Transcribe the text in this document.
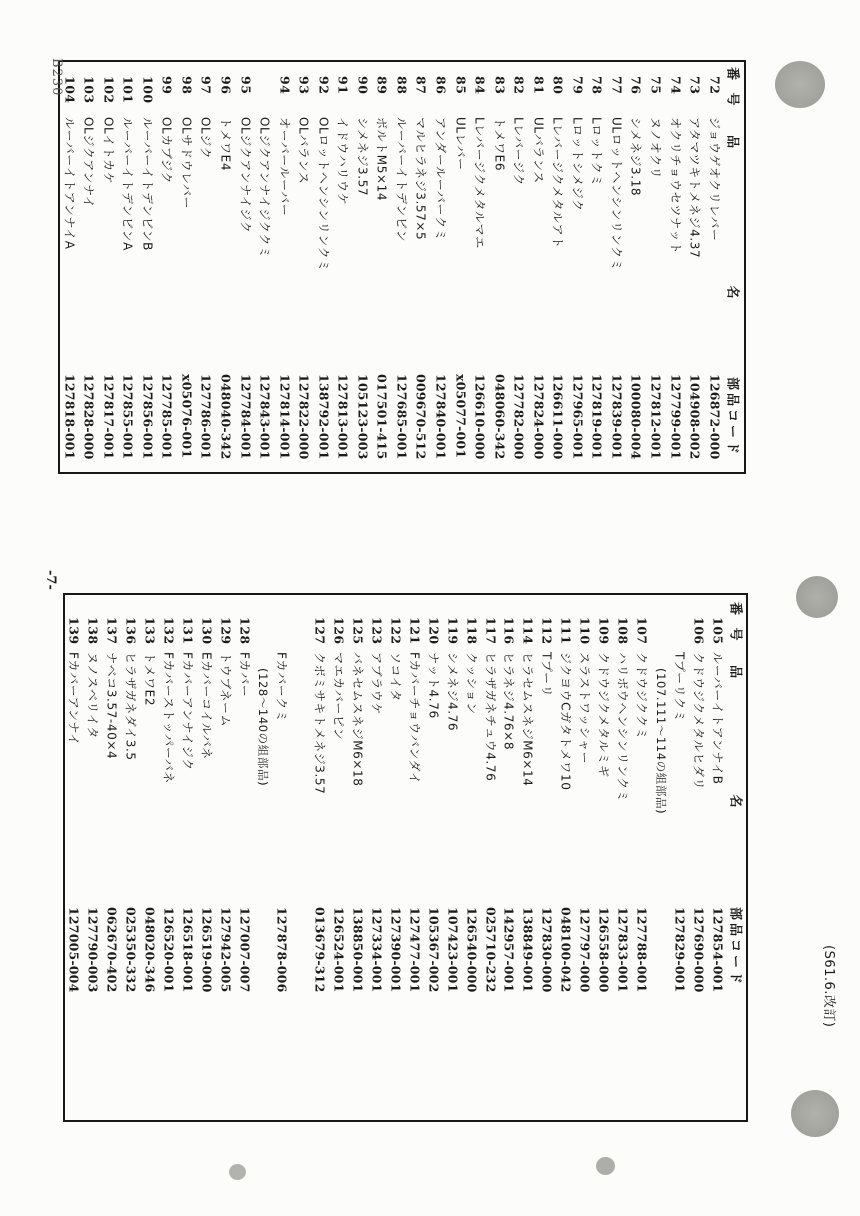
番 号
品 名
部品コード
72
ジョウゲオクリレバー
126872-000
73
アタマツキトメネジ4.37
104908-002
74
オクリチョウセツナット
127799-001
75
ヌノオクリ
127812-001
76
シメネジ3.18
100080-004
77
ULロットヘンシンリンクミ
127839-001
78
Lロットクミ
127819-001
79
Lロットシメジク
127965-001
80
Lレバージクメタルアト
126611-000
81
ULバランス
127824-000
82
Lレバージク
127782-000
83
トメワE6
048060-342
84
Lレバージクメタルマエ
126610-000
85
ULレバー
x05077-001
86
アンダールーバークミ
127840-001
87
マルヒラネジ3.57×5
009670-512
88
ルーバーイトデンビン
127685-001
89
ボルトM5×14
017501-415
90
シメネジ3.57
105123-003
91
イドウハリウケ
127813-001
92
OLロットヘンシンリンクミ
138792-001
93
OLバランス
127822-000
94
オーバールーバー
127814-001
OLジクアンナイジククミ
127843-001
95
OLジクアンナイジク
127784-001
96
トメワE4
048040-342
97
OLジク
127786-001
98
OLサドウレバー
x05076-001
99
OLカブジク
127785-001
100
ルーバーイトデンビンB
127856-001
101
ルーバーイトデンビンA
127855-001
102
OLイトカケ
127817-001
103
OLジクアンナイ
127828-000
104
ルーバーイトアンナイA
127818-001
番 号
品 名
部品コード
105
ルーバーイトアンナイB
127854-001
106
クドウジクメタルヒダリ
127690-000
Tプーリクミ
127829-001
(107.111〜114の組部品)
107
クドウジククミ
127788-001
108
ハリボウヘンシンリンクミ
127833-001
109
クドウジクメタルミギ
126558-000
110
スラストワッシャー
127797-000
111
ジクヨウCガタトメワ10
048100-042
112
Tプーリ
127830-000
114
ヒラセムスネジM6×14
138849-001
116
ヒラネジ4.76×8
142957-001
117
ヒラザガネチュウ4.76
025710-232
118
クッション
126540-000
119
シメネジ4.76
107423-001
120
ナット4.76
105367-002
121
Fカバーチョウバンダイ
127477-001
122
ソコイタ
127390-001
123
アブラウケ
127334-001
125
バネセムスネジM6×18
138850-001
126
マエカバーピン
126524-001
127
クボミサキトメネジ3.57
013679-312
Fカバークミ
127878-006
(128〜140の組部品)
128
Fカバー
127007-007
129
トウブネーム
127942-005
130
Eカバーコイルバネ
126519-000
131
Fカバーアンナイジク
126518-001
132
Fカバーストッパーバネ
126520-001
133
トメワE2
048020-346
136
ヒラザガネダイ3.5
025350-332
137
ナベコ3.57-40×4
062670-402
138
ヌノスベリイタ
127790-003
139
Fカバーアンナイ
127005-004
B230
-7-
(S61.6.改訂)
